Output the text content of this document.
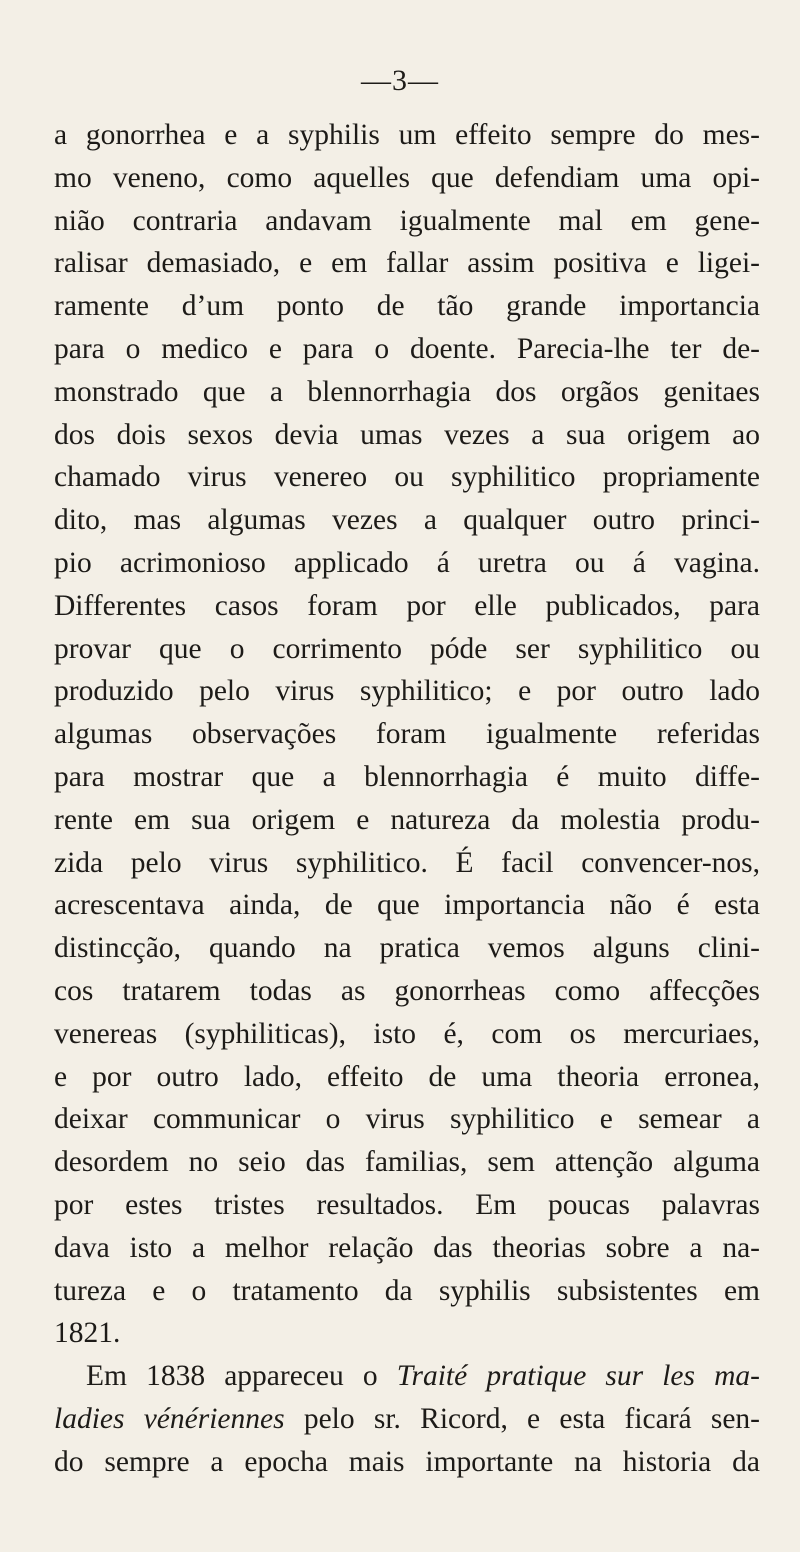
—3—
a gonorrhea e a syphilis um effeito sempre do mes-
mo veneno, como aquelles que defendiam uma opi-
nião contraria andavam igualmente mal em gene-
ralisar demasiado, e em fallar assim positiva e ligei-
ramente d’um ponto de tão grande importancia
para o medico e para o doente. Parecia-lhe ter de-
monstrado que a blennorrhagia dos orgãos genitaes
dos dois sexos devia umas vezes a sua origem ao
chamado virus venereo ou syphilitico propriamente
dito, mas algumas vezes a qualquer outro princi-
pio acrimonioso applicado á uretra ou á vagina.
Differentes casos foram por elle publicados, para
provar que o corrimento póde ser syphilitico ou
produzido pelo virus syphilitico; e por outro lado
algumas observações foram igualmente referidas
para mostrar que a blennorrhagia é muito diffe-
rente em sua origem e natureza da molestia produ-
zida pelo virus syphilitico. É facil convencer-nos,
acrescentava ainda, de que importancia não é esta
distincção, quando na pratica vemos alguns clini-
cos tratarem todas as gonorrheas como affecções
venereas (syphiliticas), isto é, com os mercuriaes,
e por outro lado, effeito de uma theoria erronea,
deixar communicar o virus syphilitico e semear a
desordem no seio das familias, sem attenção alguma
por estes tristes resultados. Em poucas palavras
dava isto a melhor relação das theorias sobre a na-
tureza e o tratamento da syphilis subsistentes em
1821.
Em 1838 appareceu o Traité pratique sur les ma-
ladies vénériennes pelo sr. Ricord, e esta ficará sen-
do sempre a epocha mais importante na historia da
